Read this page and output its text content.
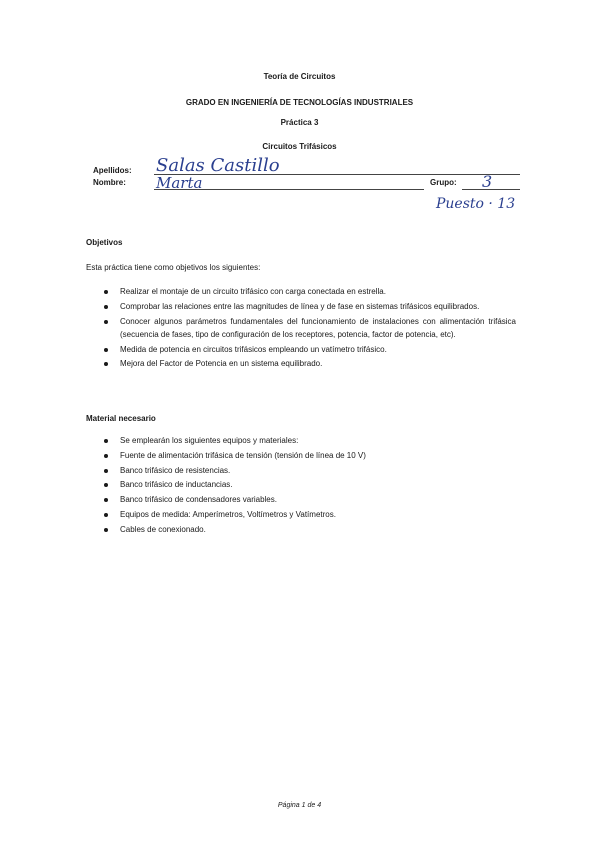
Teoría de Circuitos
GRADO EN INGENIERÍA DE TECNOLOGÍAS INDUSTRIALES
Práctica 3
Circuitos Trifásicos
Apellidos: Salas Castillo
Nombre: Marta	Grupo: 3
Puesto · 13
Objetivos
Esta práctica tiene como objetivos los siguientes:
Realizar el montaje de un circuito trifásico con carga conectada en estrella.
Comprobar las relaciones entre las magnitudes de línea y de fase en sistemas trifásicos equilibrados.
Conocer algunos parámetros fundamentales del funcionamiento de instalaciones con alimentación trifásica (secuencia de fases, tipo de configuración de los receptores, potencia, factor de potencia, etc).
Medida de potencia en circuitos trifásicos empleando un vatímetro trifásico.
Mejora del Factor de Potencia en un sistema equilibrado.
Material necesario
Se emplearán los siguientes equipos y materiales:
Fuente de alimentación trifásica de tensión (tensión de línea de 10 V)
Banco trifásico de resistencias.
Banco trifásico de inductancias.
Banco trifásico de condensadores variables.
Equipos de medida: Amperímetros, Voltímetros y Vatímetros.
Cables de conexionado.
Página 1 de 4
